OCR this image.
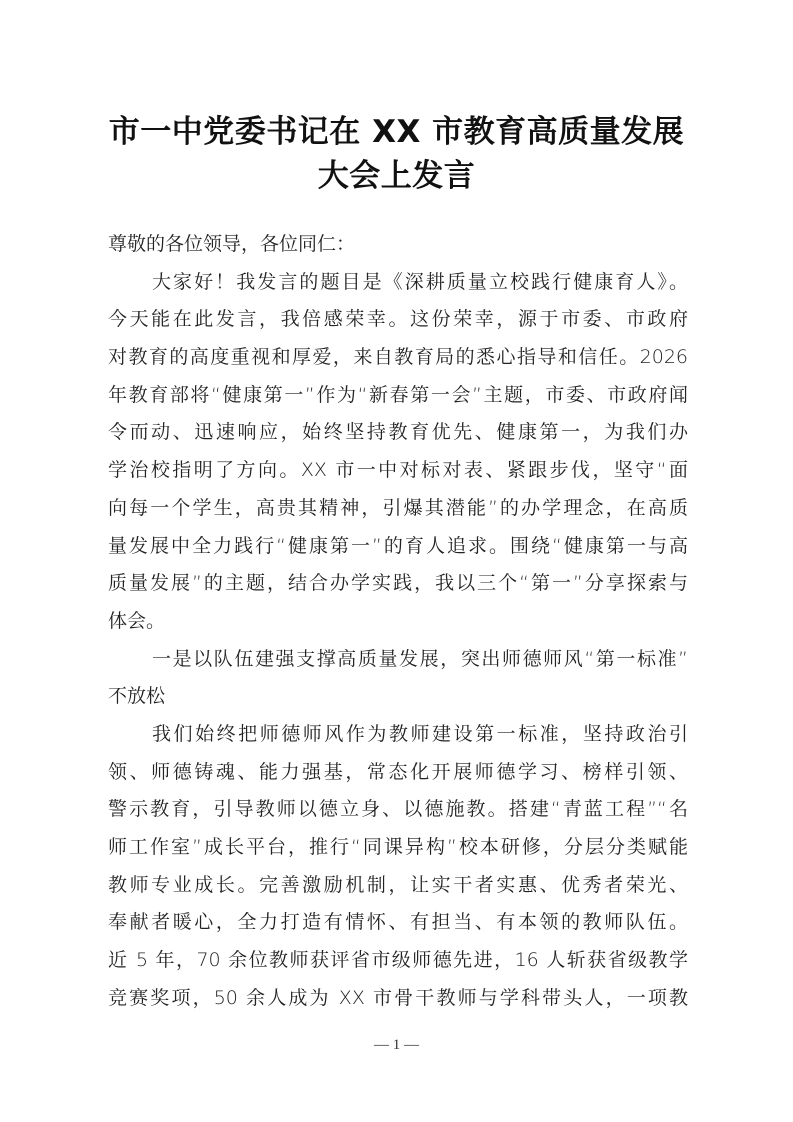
市一中党委书记在 XX 市教育高质量发展
大会上发言
尊敬的各位领导，各位同仁：
大家好！我发言的题目是《深耕质量立校践行健康育人》。
今天能在此发言，我倍感荣幸。这份荣幸，源于市委、市政府
对教育的高度重视和厚爱，来自教育局的悉心指导和信任。2026
年教育部将“健康第一”作为“新春第一会”主题，市委、市政府闻
令而动、迅速响应，始终坚持教育优先、健康第一，为我们办
学治校指明了方向。XX 市一中对标对表、紧跟步伐，坚守“面
向每一个学生，高贵其精神，引爆其潜能”的办学理念，在高质
量发展中全力践行“健康第一”的育人追求。围绕“健康第一与高
质量发展”的主题，结合办学实践，我以三个“第一”分享探索与
体会。
一是以队伍建强支撑高质量发展，突出师德师风“第一标准”
不放松
我们始终把师德师风作为教师建设第一标准，坚持政治引
领、师德铸魂、能力强基，常态化开展师德学习、榜样引领、
警示教育，引导教师以德立身、以德施教。搭建“青蓝工程”“名
师工作室”成长平台，推行“同课异构”校本研修，分层分类赋能
教师专业成长。完善激励机制，让实干者实惠、优秀者荣光、
奉献者暖心，全力打造有情怀、有担当、有本领的教师队伍。
近 5 年，70 余位教师获评省市级师德先进，16 人斩获省级教学
竞赛奖项，50 余人成为 XX 市骨干教师与学科带头人，一项教
— 1 —
